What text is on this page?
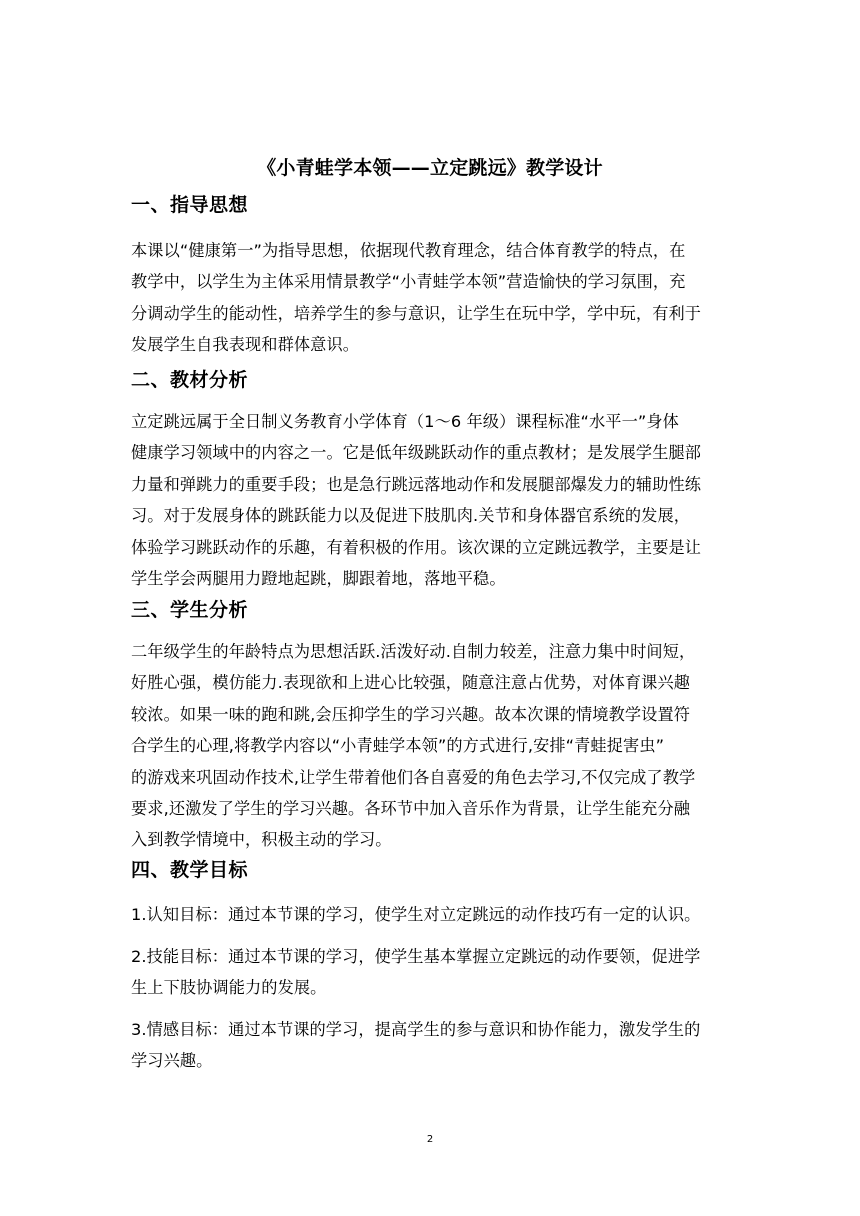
《小青蛙学本领——立定跳远》教学设计
一、指导思想
本课以“健康第一”为指导思想，依据现代教育理念，结合体育教学的特点，在
教学中，以学生为主体采用情景教学“小青蛙学本领”营造愉快的学习氛围，充
分调动学生的能动性，培养学生的参与意识，让学生在玩中学，学中玩，有利于
发展学生自我表现和群体意识。
二、教材分析
立定跳远属于全日制义务教育小学体育（1～6 年级）课程标准“水平一”身体
健康学习领域中的内容之一。它是低年级跳跃动作的重点教材；是发展学生腿部
力量和弹跳力的重要手段；也是急行跳远落地动作和发展腿部爆发力的辅助性练
习。对于发展身体的跳跃能力以及促进下肢肌肉.关节和身体器官系统的发展，
体验学习跳跃动作的乐趣，有着积极的作用。该次课的立定跳远教学，主要是让
学生学会两腿用力蹬地起跳，脚跟着地，落地平稳。
三、学生分析
二年级学生的年龄特点为思想活跃.活泼好动.自制力较差，注意力集中时间短，
好胜心强，模仿能力.表现欲和上进心比较强，随意注意占优势，对体育课兴趣
较浓。如果一味的跑和跳,会压抑学生的学习兴趣。故本次课的情境教学设置符
合学生的心理,将教学内容以“小青蛙学本领”的方式进行,安排“青蛙捉害虫”
的游戏来巩固动作技术,让学生带着他们各自喜爱的角色去学习,不仅完成了教学
要求,还激发了学生的学习兴趣。各环节中加入音乐作为背景，让学生能充分融
入到教学情境中，积极主动的学习。
四、教学目标
1.认知目标：通过本节课的学习，使学生对立定跳远的动作技巧有一定的认识。
2.技能目标：通过本节课的学习，使学生基本掌握立定跳远的动作要领，促进学
生上下肢协调能力的发展。
3.情感目标：通过本节课的学习，提高学生的参与意识和协作能力，激发学生的
学习兴趣。
2
